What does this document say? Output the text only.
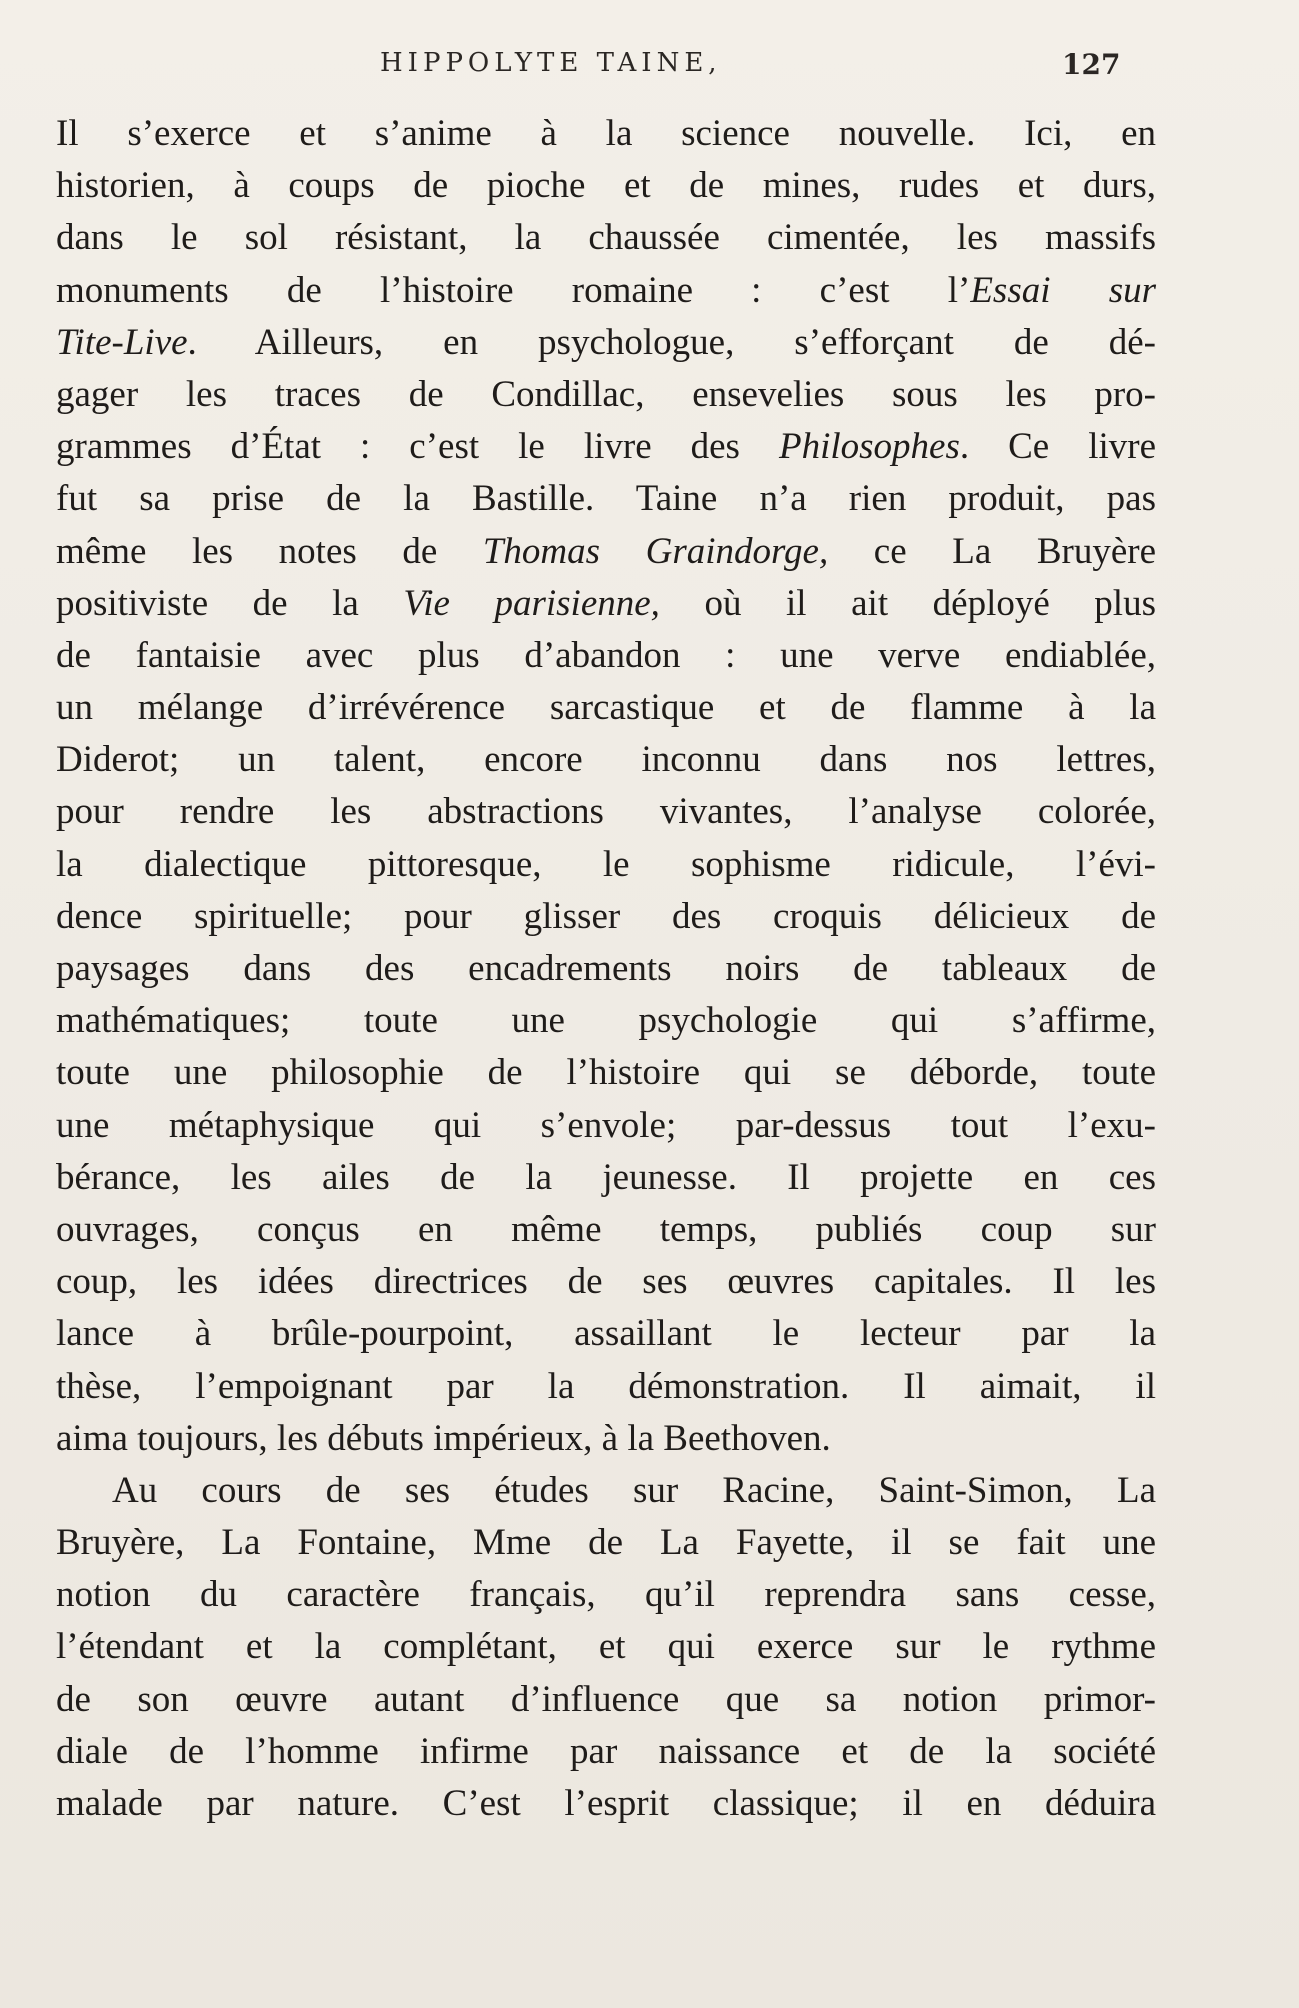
HIPPOLYTE TAINE,	127
Il s’exerce et s’anime à la science nouvelle. Ici, en
historien, à coups de pioche et de mines, rudes et durs,
dans le sol résistant, la chaussée cimentée, les massifs
monuments de l’histoire romaine : c’est l’Essai sur
Tite-Live. Ailleurs, en psychologue, s’efforçant de dé-
gager les traces de Condillac, ensevelies sous les pro-
grammes d’État : c’est le livre des Philosophes. Ce livre
fut sa prise de la Bastille. Taine n’a rien produit, pas
même les notes de Thomas Graindorge, ce La Bruyère
positiviste de la Vie parisienne, où il ait déployé plus
de fantaisie avec plus d’abandon : une verve endiablée,
un mélange d’irrévérence sarcastique et de flamme à la
Diderot; un talent, encore inconnu dans nos lettres,
pour rendre les abstractions vivantes, l’analyse colorée,
la dialectique pittoresque, le sophisme ridicule, l’évi-
dence spirituelle; pour glisser des croquis délicieux de
paysages dans des encadrements noirs de tableaux de
mathématiques; toute une psychologie qui s’affirme,
toute une philosophie de l’histoire qui se déborde, toute
une métaphysique qui s’envole; par-dessus tout l’exu-
bérance, les ailes de la jeunesse. Il projette en ces
ouvrages, conçus en même temps, publiés coup sur
coup, les idées directrices de ses œuvres capitales. Il les
lance à brûle-pourpoint, assaillant le lecteur par la
thèse, l’empoignant par la démonstration. Il aimait, il
aima toujours, les débuts impérieux, à la Beethoven.
Au cours de ses études sur Racine, Saint-Simon, La
Bruyère, La Fontaine, Mme de La Fayette, il se fait une
notion du caractère français, qu’il reprendra sans cesse,
l’étendant et la complétant, et qui exerce sur le rythme
de son œuvre autant d’influence que sa notion primor-
diale de l’homme infirme par naissance et de la société
malade par nature. C’est l’esprit classique; il en déduira
